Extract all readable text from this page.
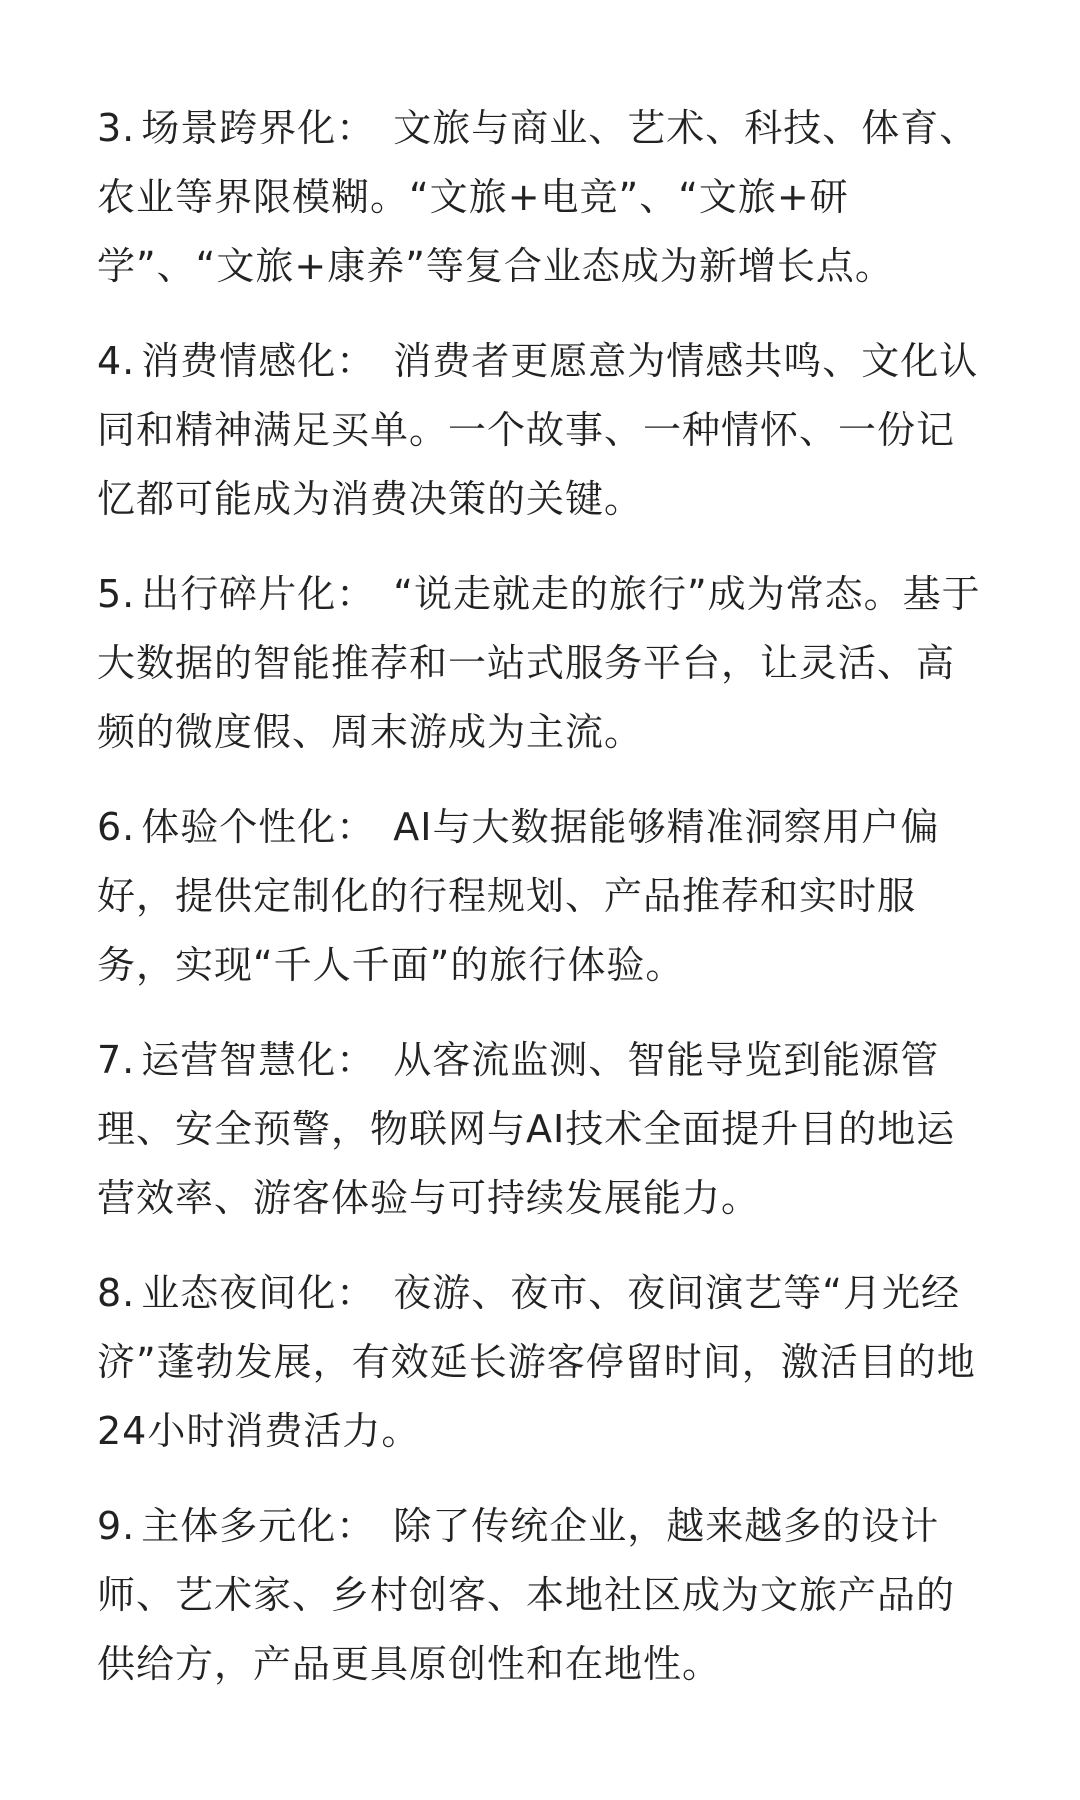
3. 场景跨界化： 文旅与商业、艺术、科技、体育、农业等界限模糊。“文旅+电竞”、“文旅+研学”、“文旅+康养”等复合业态成为新增长点。

4. 消费情感化： 消费者更愿意为情感共鸣、文化认同和精神满足买单。一个故事、一种情怀、一份记忆都可能成为消费决策的关键。

5. 出行碎片化： “说走就走的旅行”成为常态。基于大数据的智能推荐和一站式服务平台，让灵活、高频的微度假、周末游成为主流。

6. 体验个性化： AI与大数据能够精准洞察用户偏好，提供定制化的行程规划、产品推荐和实时服务，实现“千人千面”的旅行体验。

7. 运营智慧化： 从客流监测、智能导览到能源管理、安全预警，物联网与AI技术全面提升目的地运营效率、游客体验与可持续发展能力。

8. 业态夜间化： 夜游、夜市、夜间演艺等“月光经济”蓬勃发展，有效延长游客停留时间，激活目的地24小时消费活力。

9. 主体多元化： 除了传统企业，越来越多的设计师、艺术家、乡村创客、本地社区成为文旅产品的供给方，产品更具原创性和在地性。
